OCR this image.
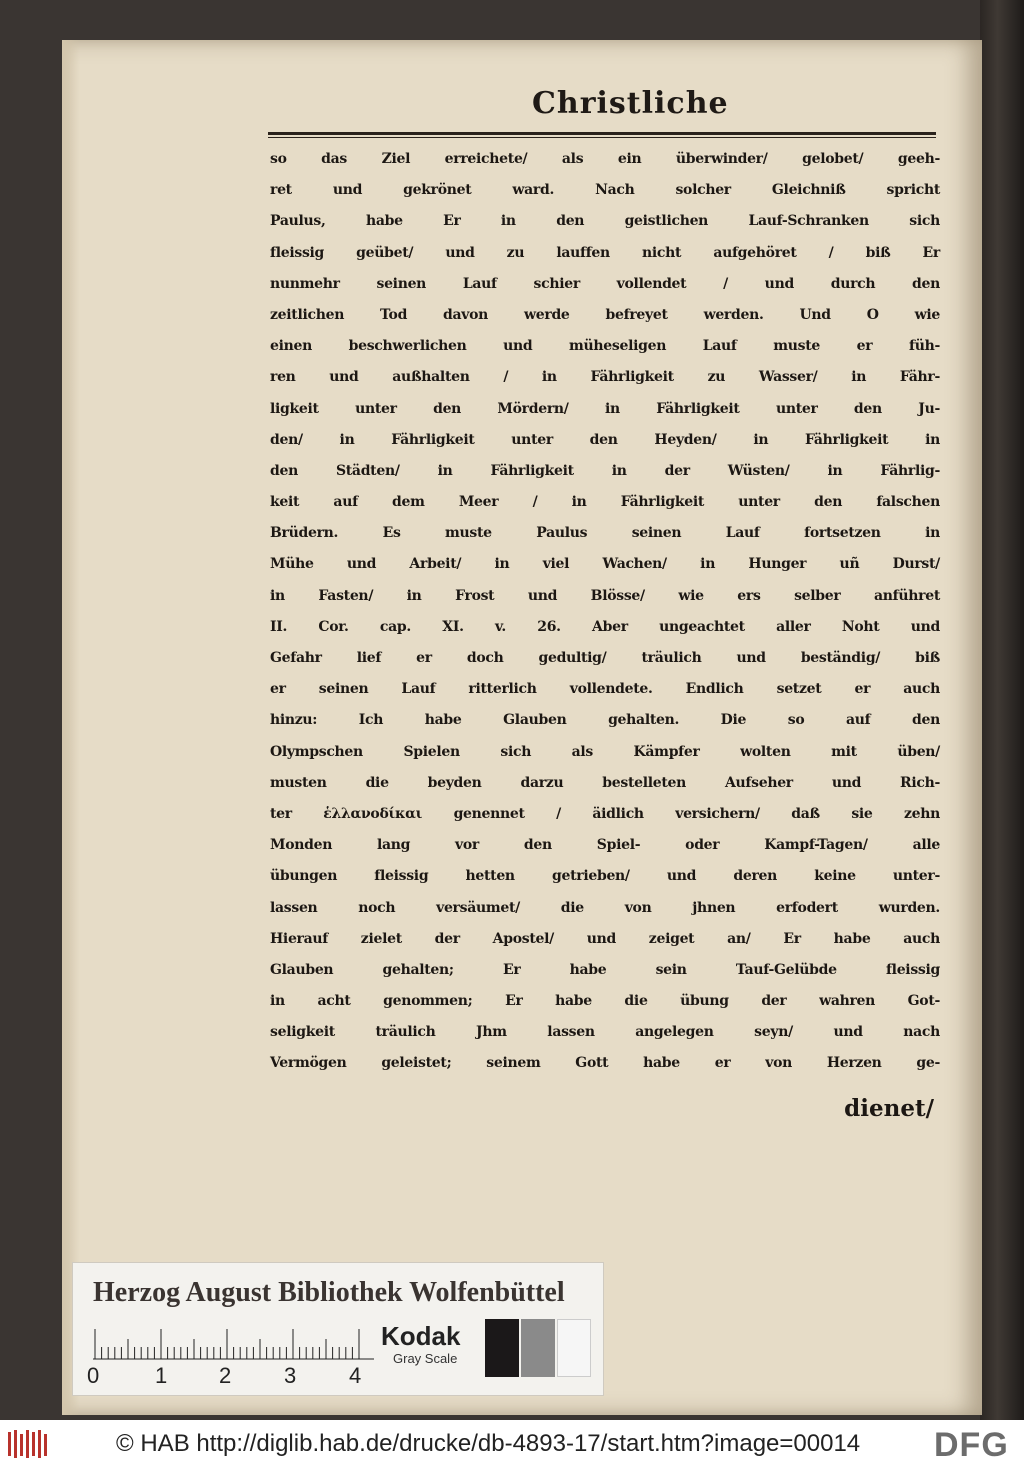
Christliche
so das Ziel erreichete/ als ein überwinder/ gelobet/ geeh-
ret und gekrönet ward. Nach solcher Gleichniß spricht
Paulus, habe Er in den geistlichen Lauf-Schranken sich
fleissig geübet/ und zu lauffen nicht aufgehöret / biß Er
nunmehr seinen Lauf schier vollendet / und durch den
zeitlichen Tod davon werde befreyet werden. Und O wie
einen beschwerlichen und müheseligen Lauf muste er füh-
ren und außhalten / in Fährligkeit zu Wasser/ in Fähr-
ligkeit unter den Mördern/ in Fährligkeit unter den Ju-
den/ in Fährligkeit unter den Heyden/ in Fährligkeit in
den Städten/ in Fährligkeit in der Wüsten/ in Fährlig-
keit auf dem Meer / in Fährligkeit unter den falschen
Brüdern. Es muste Paulus seinen Lauf fortsetzen in
Mühe und Arbeit/ in viel Wachen/ in Hunger uñ Durst/
in Fasten/ in Frost und Blösse/ wie ers selber anführet
II. Cor. cap. XI. v. 26. Aber ungeachtet aller Noht und
Gefahr lief er doch gedultig/ träulich und beständig/ biß
er seinen Lauf ritterlich vollendete. Endlich setzet er auch
hinzu: Ich habe Glauben gehalten. Die so auf den
Olympschen Spielen sich als Kämpfer wolten mit üben/
musten die beyden darzu bestelleten Aufseher und Rich-
ter ἑλλανοδίκαι genennet / äidlich versichern/ daß sie zehn
Monden lang vor den Spiel- oder Kampf-Tagen/ alle
übungen fleissig hetten getrieben/ und deren keine unter-
lassen noch versäumet/ die von jhnen erfodert wurden.
Hierauf zielet der Apostel/ und zeiget an/ Er habe auch
Glauben gehalten; Er habe sein Tauf-Gelübde fleissig
in acht genommen; Er habe die übung der wahren Got-
seligkeit träulich Jhm lassen angelegen seyn/ und nach
Vermögen geleistet; seinem Gott habe er von Herzen ge-
dienet/
Herzog August Bibliothek Wolfenbüttel
0	1 2 3 4
Kodak
Gray Scale
© HAB http://diglib.hab.de/drucke/db-4893-17/start.htm?image=00014 DFG
